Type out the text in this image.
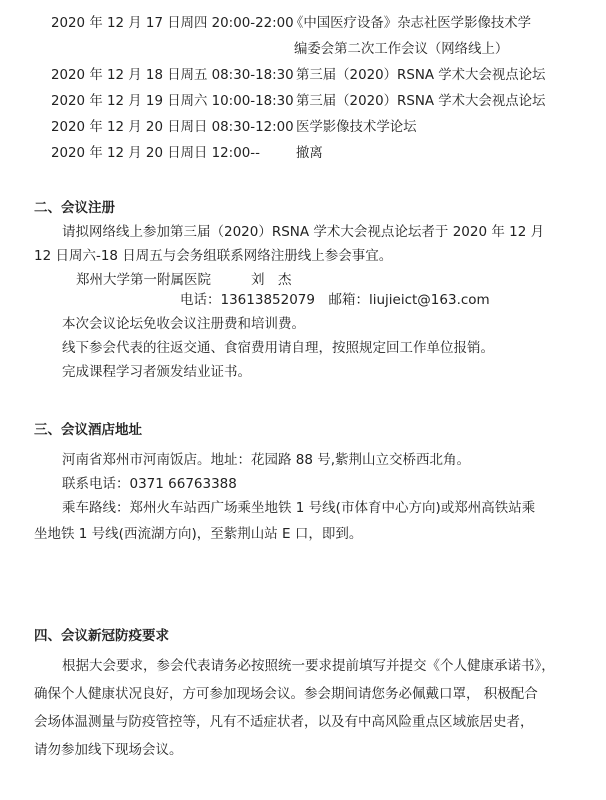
2020 年 12 月 17 日周四 20:00-22:00
《中国医疗设备》杂志社医学影像技术学
编委会第二次工作会议（网络线上）
2020 年 12 月 18 日周五 08:30-18:30 第三届（2020）RSNA 学术大会视点论坛
2020 年 12 月 19 日周六 10:00-18:30 第三届（2020）RSNA 学术大会视点论坛
2020 年 12 月 20 日周日 08:30-12:00 医学影像技术学论坛
2020 年 12 月 20 日周日 12:00--	撤离
二、会议注册
请拟网络线上参加第三届（2020）RSNA 学术大会视点论坛者于 2020 年 12 月
12 日周六-18 日周五与会务组联系网络注册线上参会事宜。
郑州大学第一附属医院	刘　杰
电话：13613852079　邮箱：liujieict@163.com
本次会议论坛免收会议注册费和培训费。
线下参会代表的往返交通、食宿费用请自理，按照规定回工作单位报销。
完成课程学习者颁发结业证书。
三、会议酒店地址
河南省郑州市河南饭店。地址：花园路 88 号,紫荆山立交桥西北角。
联系电话：0371 66763388
乘车路线：郑州火车站西广场乘坐地铁 1 号线(市体育中心方向)或郑州高铁站乘
坐地铁 1 号线(西流湖方向)，至紫荆山站 E 口，即到。
四、会议新冠防疫要求
根据大会要求，参会代表请务必按照统一要求提前填写并提交《个人健康承诺书》，
确保个人健康状况良好，方可参加现场会议。参会期间请您务必佩戴口罩， 积极配合
会场体温测量与防疫管控等，凡有不适症状者，以及有中高风险重点区域旅居史者，
请勿参加线下现场会议。
